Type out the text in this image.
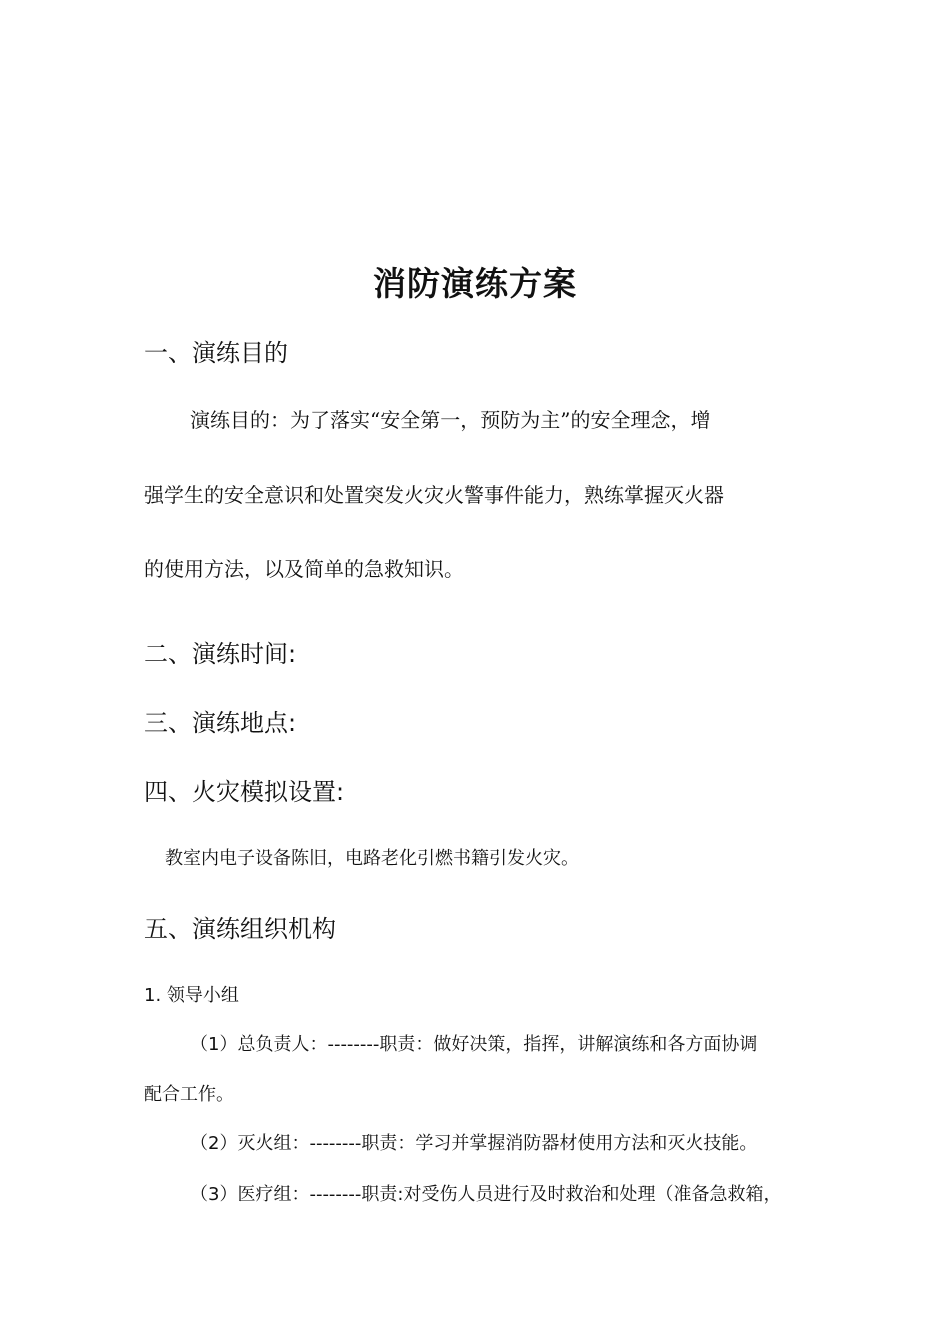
消防演练方案
一、演练目的
演练目的：为了落实“安全第一，预防为主”的安全理念，增
强学生的安全意识和处置突发火灾火警事件能力，熟练掌握灭火器
的使用方法，以及简单的急救知识。
二、演练时间:
三、演练地点:
四、火灾模拟设置:
教室内电子设备陈旧，电路老化引燃书籍引发火灾。
五、演练组织机构
1. 领导小组
（1）总负责人：--------职责：做好决策，指挥，讲解演练和各方面协调
配合工作。
（2）灭火组：--------职责：学习并掌握消防器材使用方法和灭火技能。
（3）医疗组：--------职责:对受伤人员进行及时救治和处理（准备急救箱，
